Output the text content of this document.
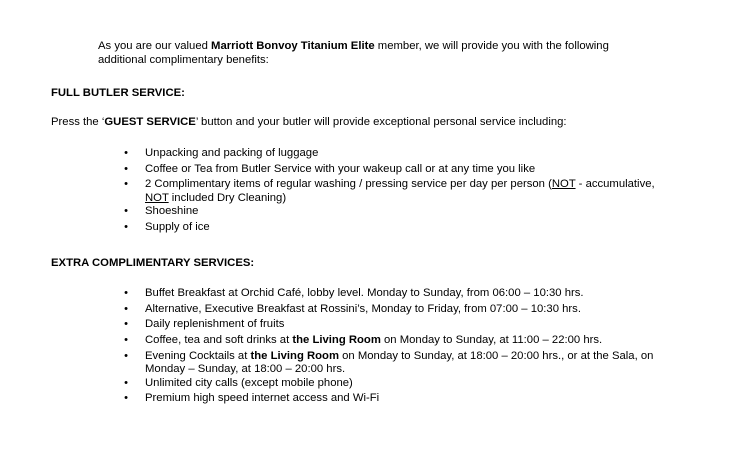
As you are our valued Marriott Bonvoy Titanium Elite member, we will provide you with the following additional complimentary benefits:

FULL BUTLER SERVICE:

Press the ‘GUEST SERVICE’ button and your butler will provide exceptional personal service including:

• Unpacking and packing of luggage
• Coffee or Tea from Butler Service with your wakeup call or at any time you like
• 2 Complimentary items of regular washing / pressing service per day per person (NOT - accumulative, NOT included Dry Cleaning)
• Shoeshine
• Supply of ice

EXTRA COMPLIMENTARY SERVICES:

• Buffet Breakfast at Orchid Café, lobby level. Monday to Sunday, from 06:00 – 10:30 hrs.
• Alternative, Executive Breakfast at Rossini’s, Monday to Friday, from 07:00 – 10:30 hrs.
• Daily replenishment of fruits
• Coffee, tea and soft drinks at the Living Room on Monday to Sunday, at 11:00 – 22:00 hrs.
• Evening Cocktails at the Living Room on Monday to Sunday, at 18:00 – 20:00 hrs., or at the Sala, on Monday – Sunday, at 18:00 – 20:00 hrs.
• Unlimited city calls (except mobile phone)
• Premium high speed internet access and Wi-Fi
